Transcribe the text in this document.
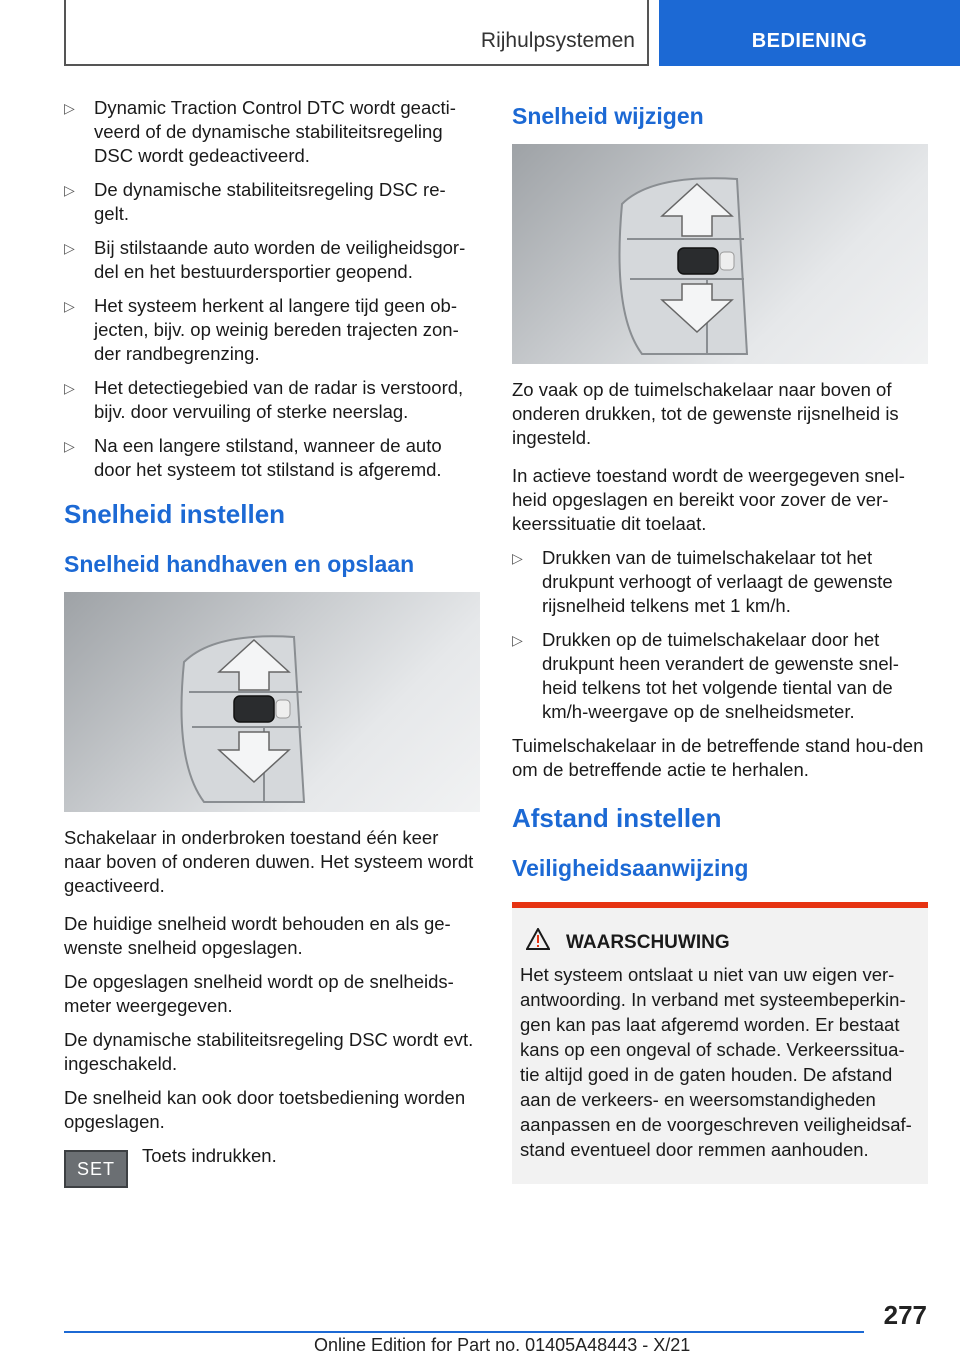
Rijhulpsystemen	BEDIENING
▷ Dynamic Traction Control DTC wordt geacti-veerd of de dynamische stabiliteitsregeling DSC wordt gedeactiveerd.
▷ De dynamische stabiliteitsregeling DSC re-gelt.
▷ Bij stilstaande auto worden de veiligheidsgor-del en het bestuurdersportier geopend.
▷ Het systeem herkent al langere tijd geen ob-jecten, bijv. op weinig bereden trajecten zon-der randbegrenzing.
▷ Het detectiegebied van de radar is verstoord, bijv. door vervuiling of sterke neerslag.
▷ Na een langere stilstand, wanneer de auto door het systeem tot stilstand is afgeremd.
Snelheid instellen
Snelheid handhaven en opslaan

Schakelaar in onderbroken toestand één keer naar boven of onderen duwen. Het systeem wordt geactiveerd.

De huidige snelheid wordt behouden en als ge-wenste snelheid opgeslagen.

De opgeslagen snelheid wordt op de snelheids-meter weergegeven.

De dynamische stabiliteitsregeling DSC wordt evt. ingeschakeld.

De snelheid kan ook door toetsbediening worden opgeslagen.

SET
Toets indrukken.
Snelheid wijzigen

Zo vaak op de tuimelschakelaar naar boven of onderen drukken, tot de gewenste rijsnelheid is ingesteld.

In actieve toestand wordt de weergegeven snel-heid opgeslagen en bereikt voor zover de ver-keerssituatie dit toelaat.

▷ Drukken van de tuimelschakelaar tot het drukpunt verhoogt of verlaagt de gewenste rijsnelheid telkens met 1 km/h.
▷ Drukken op de tuimelschakelaar door het drukpunt heen verandert de gewenste snel-heid telkens tot het volgende tiental van de km/h-weergave op de snelheidsmeter.

Tuimelschakelaar in de betreffende stand hou-den om de betreffende actie te herhalen.

Afstand instellen
Veiligheidsaanwijzing
WAARSCHUWING

Het systeem ontslaat u niet van uw eigen ver-antwoording. In verband met systeembeperkin-gen kan pas laat afgeremd worden. Er bestaat kans op een ongeval of schade. Verkeerssitua-tie altijd goed in de gaten houden. De afstand aan de verkeers- en weersomstandigheden aanpassen en de voorgeschreven veiligheidsaf-stand eventueel door remmen aanhouden.

277
Online Edition for Part no. 01405A48443 - X/21
